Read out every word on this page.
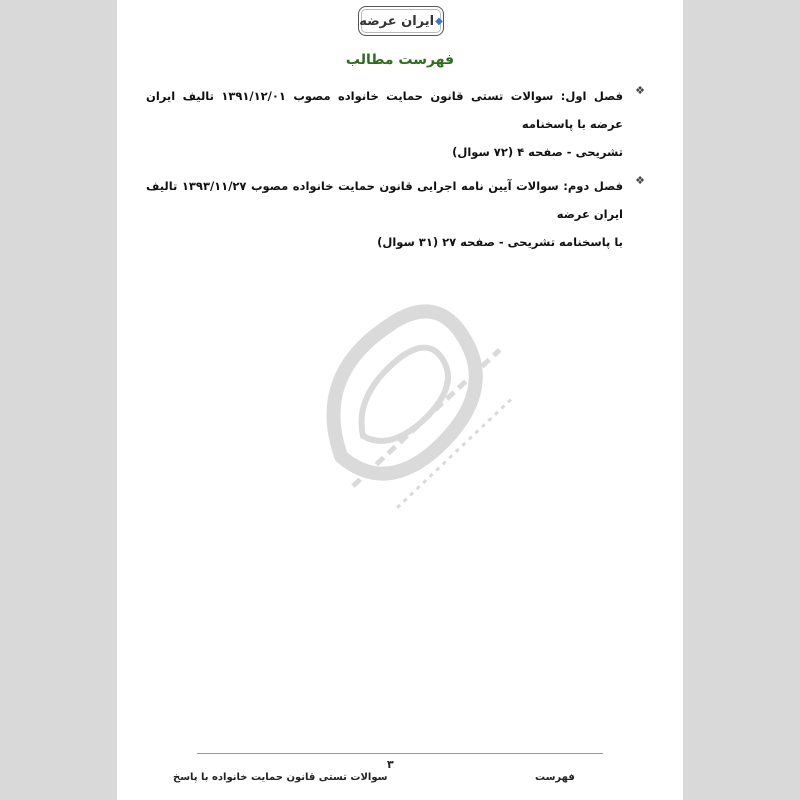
ایران عرضه ◆
فهرست مطالب
❖
فصل اول: سوالات تستی قانون حمایت خانواده مصوب ۱۳۹۱/۱۲/۰۱ تالیف ایران عرضه با پاسخنامه
تشریحی - صفحه ۴ (۷۲ سوال)
❖
فصل دوم: سوالات آیین نامه اجرایی قانون حمایت خانواده مصوب ۱۳۹۳/۱۱/۲۷ تالیف ایران عرضه
با پاسخنامه تشریحی - صفحه ۲۷ (۳۱ سوال)
۳
سوالات تستی قانون حمایت خانواده با پاسخ	فهرست
